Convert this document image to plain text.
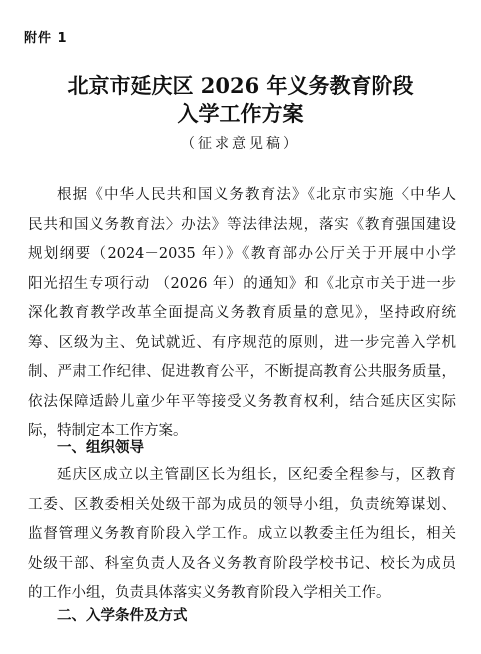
附件 1
北京市延庆区 2026 年义务教育阶段
入学工作方案
（征求意见稿）
根据《中华人民共和国义务教育法》《北京市实施〈中华人
民共和国义务教育法〉办法》等法律法规，落实《教育强国建设
规划纲要（2024－2035 年）》《教育部办公厅关于开展中小学
阳光招生专项行动 （2026 年）的通知》和《北京市关于进一步
深化教育教学改革全面提高义务教育质量的意见》，坚持政府统
筹、区级为主、免试就近、有序规范的原则，进一步完善入学机
制、严肃工作纪律、促进教育公平，不断提高教育公共服务质量，
依法保障适龄儿童少年平等接受义务教育权利，结合延庆区实际
际，特制定本工作方案。
一、组织领导
延庆区成立以主管副区长为组长，区纪委全程参与，区教育
工委、区教委相关处级干部为成员的领导小组，负责统筹谋划、
监督管理义务教育阶段入学工作。成立以教委主任为组长，相关
处级干部、科室负责人及各义务教育阶段学校书记、校长为成员
的工作小组，负责具体落实义务教育阶段入学相关工作。
二、入学条件及方式
